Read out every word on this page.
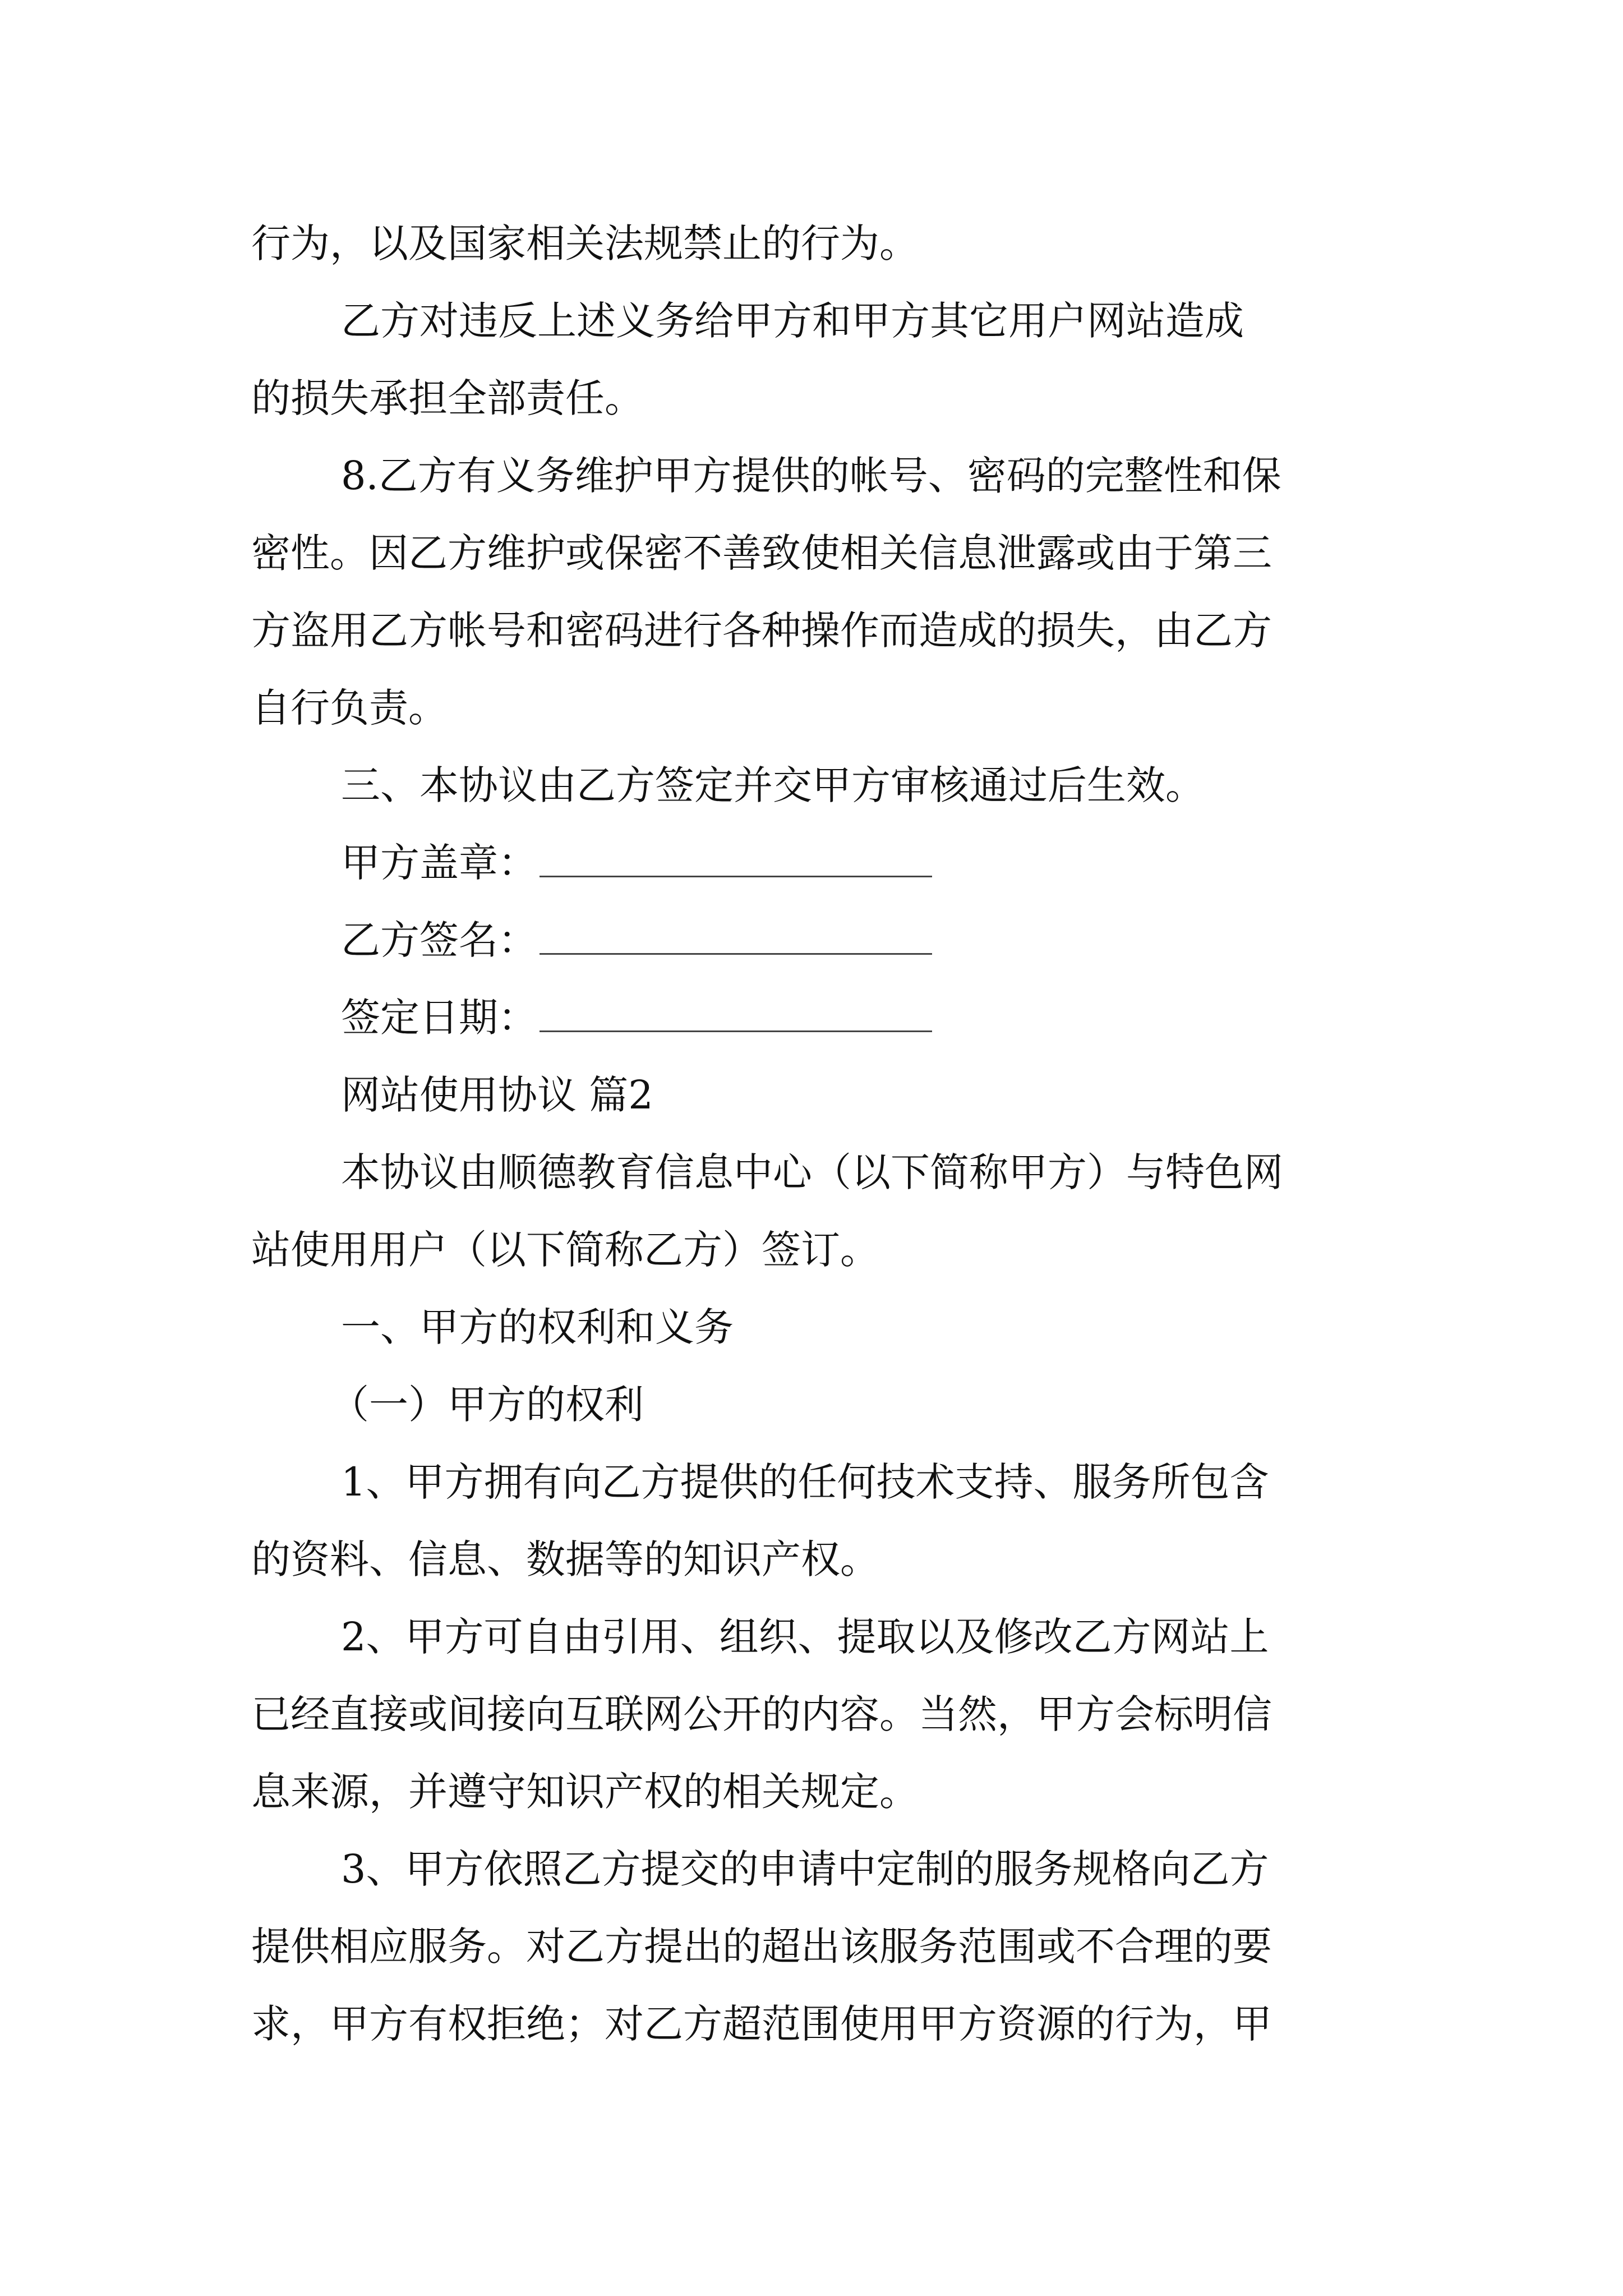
行为，以及国家相关法规禁止的行为。
乙方对违反上述义务给甲方和甲方其它用户网站造成
的损失承担全部责任。
8.乙方有义务维护甲方提供的帐号、密码的完整性和保
密性。因乙方维护或保密不善致使相关信息泄露或由于第三
方盗用乙方帐号和密码进行各种操作而造成的损失，由乙方
自行负责。
三、本协议由乙方签定并交甲方审核通过后生效。
甲方盖章：
乙方签名：
签定日期：
网站使用协议 篇2
本协议由顺德教育信息中心（以下简称甲方）与特色网
站使用用户（以下简称乙方）签订。
一、甲方的权利和义务
（一）甲方的权利
1、甲方拥有向乙方提供的任何技术支持、服务所包含
的资料、信息、数据等的知识产权。
2、甲方可自由引用、组织、提取以及修改乙方网站上
已经直接或间接向互联网公开的内容。当然，甲方会标明信
息来源，并遵守知识产权的相关规定。
3、甲方依照乙方提交的申请中定制的服务规格向乙方
提供相应服务。对乙方提出的超出该服务范围或不合理的要
求，甲方有权拒绝；对乙方超范围使用甲方资源的行为，甲
